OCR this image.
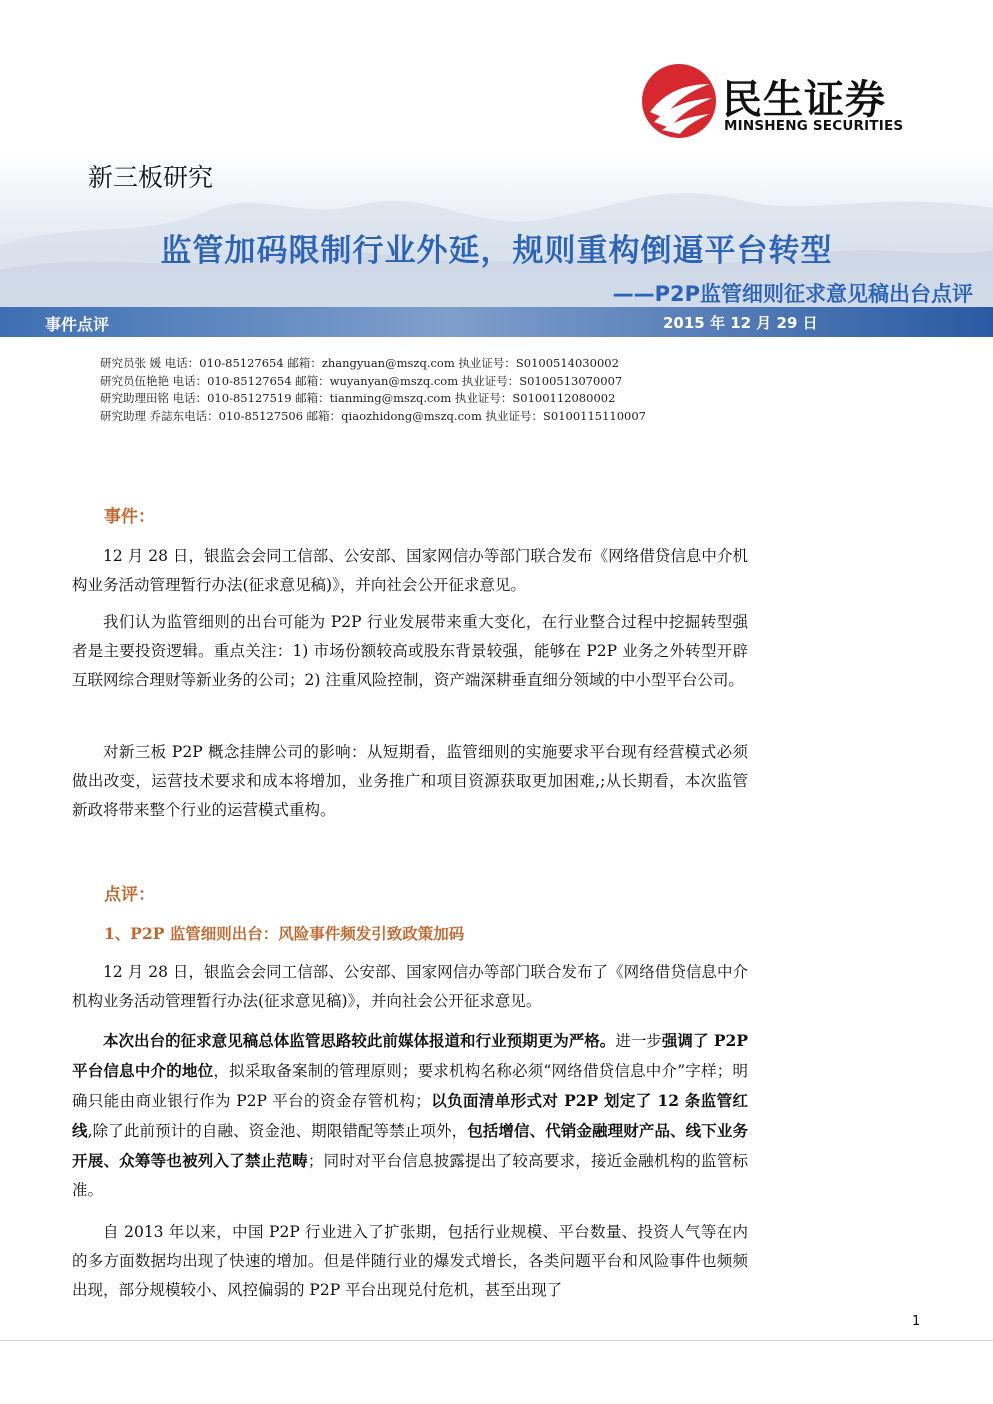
民生证券
MINSHENG SECURITIES
新三板研究
监管加码限制行业外延，规则重构倒逼平台转型
——P2P监管细则征求意见稿出台点评
事件点评	2015 年 12 月 29 日
研究员张 媛 电话：010-85127654 邮箱：zhangyuan@mszq.com 执业证号：S0100514030002
研究员伍艳艳 电话：010-85127654 邮箱：wuyanyan@mszq.com 执业证号：S0100513070007
研究助理田铭 电话：010-85127519 邮箱：tianming@mszq.com 执业证号：S0100112080002
研究助理 乔誌东电话：010-85127506 邮箱：qiaozhidong@mszq.com 执业证号：S0100115110007
事件：
12 月 28 日，银监会会同工信部、公安部、国家网信办等部门联合发布《网络借贷信息中介机构业务活动管理暂行办法(征求意见稿)》，并向社会公开征求意见。
我们认为监管细则的出台可能为 P2P 行业发展带来重大变化，在行业整合过程中挖掘转型强者是主要投资逻辑。重点关注：1) 市场份额较高或股东背景较强，能够在 P2P 业务之外转型开辟互联网综合理财等新业务的公司；2) 注重风险控制，资产端深耕垂直细分领域的中小型平台公司。
对新三板 P2P 概念挂牌公司的影响：从短期看，监管细则的实施要求平台现有经营模式必须做出改变，运营技术要求和成本将增加，业务推广和项目资源获取更加困难,;从长期看，本次监管新政将带来整个行业的运营模式重构。
点评：
1、P2P 监管细则出台：风险事件频发引致政策加码
12 月 28 日，银监会会同工信部、公安部、国家网信办等部门联合发布了《网络借贷信息中介机构业务活动管理暂行办法(征求意见稿)》，并向社会公开征求意见。
本次出台的征求意见稿总体监管思路较此前媒体报道和行业预期更为严格。进一步强调了 P2P 平台信息中介的地位，拟采取备案制的管理原则；要求机构名称必须“网络借贷信息中介”字样；明确只能由商业银行作为 P2P 平台的资金存管机构；以负面清单形式对 P2P 划定了 12 条监管红线,除了此前预计的自融、资金池、期限错配等禁止项外，包括增信、代销金融理财产品、线下业务开展、众筹等也被列入了禁止范畴；同时对平台信息披露提出了较高要求，接近金融机构的监管标准。
自 2013 年以来，中国 P2P 行业进入了扩张期，包括行业规模、平台数量、投资人气等在内的多方面数据均出现了快速的增加。但是伴随行业的爆发式增长，各类问题平台和风险事件也频频出现，部分规模较小、风控偏弱的 P2P 平台出现兑付危机，甚至出现了
1
